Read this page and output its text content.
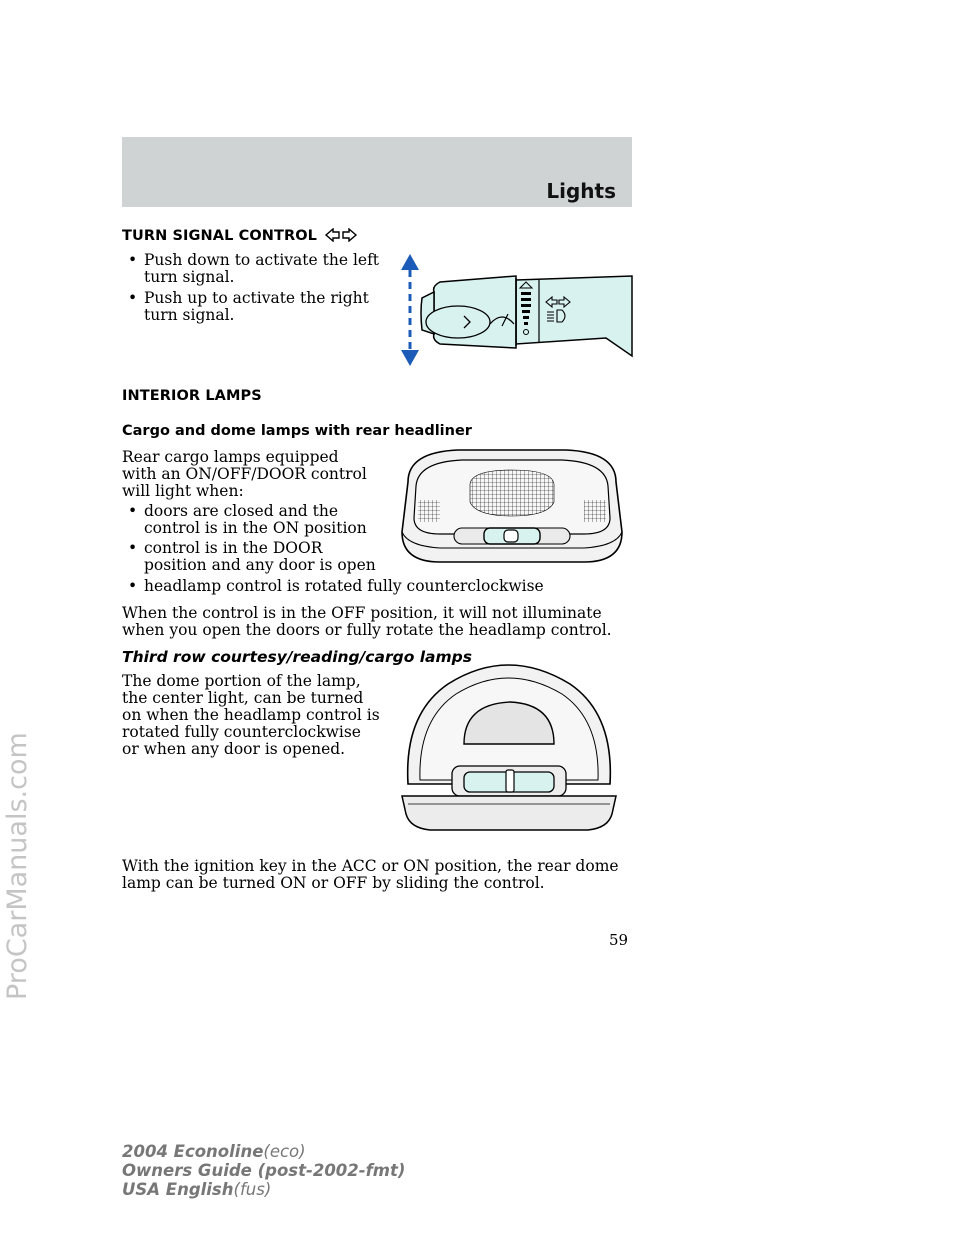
Lights
TURN SIGNAL CONTROL
• Push down to activate the left turn signal.
• Push up to activate the right turn signal.
INTERIOR LAMPS
Cargo and dome lamps with rear headliner
Rear cargo lamps equipped with an ON/OFF/DOOR control will light when:
• doors are closed and the control is in the ON position
• control is in the DOOR position and any door is open
• headlamp control is rotated fully counterclockwise
When the control is in the OFF position, it will not illuminate when you open the doors or fully rotate the headlamp control.
Third row courtesy/reading/cargo lamps
The dome portion of the lamp, the center light, can be turned on when the headlamp control is rotated fully counterclockwise or when any door is opened.
With the ignition key in the ACC or ON position, the rear dome lamp can be turned ON or OFF by sliding the control.
59
2004 Econoline(eco)
Owners Guide (post-2002-fmt)
USA English(fus)
ProCarManuals.com
